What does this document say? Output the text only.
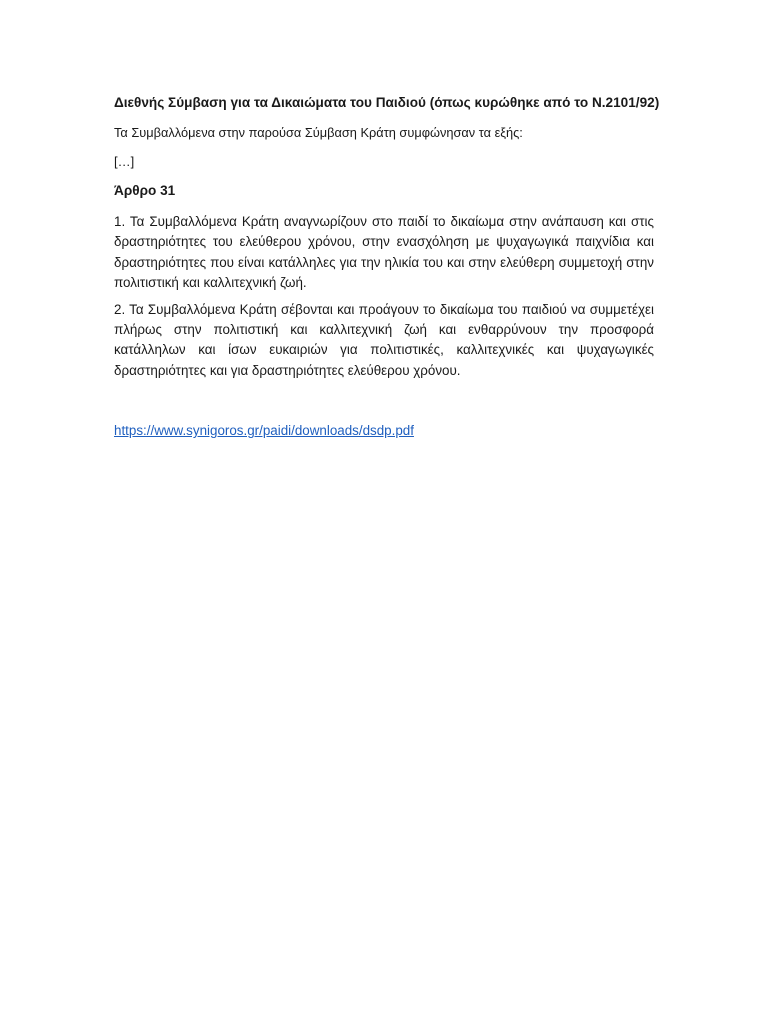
Διεθνής Σύμβαση για τα Δικαιώματα του Παιδιού (όπως κυρώθηκε από το Ν.2101/92)
Τα Συμβαλλόμενα στην παρούσα Σύμβαση Κράτη συμφώνησαν τα εξής:
[…]
Άρθρο 31

1. Τα Συμβαλλόμενα Κράτη αναγνωρίζουν στο παιδί το δικαίωμα στην ανάπαυση και στις δραστηριότητες του ελεύθερου χρόνου, στην ενασχόληση με ψυχαγωγικά παιχνίδια και δραστηριότητες που είναι κατάλληλες για την ηλικία του και στην ελεύθερη συμμετοχή στην πολιτιστική και καλλιτεχνική ζωή.

2. Τα Συμβαλλόμενα Κράτη σέβονται και προάγουν το δικαίωμα του παιδιού να συμμετέχει πλήρως στην πολιτιστική και καλλιτεχνική ζωή και ενθαρρύνουν την προσφορά κατάλληλων και ίσων ευκαιριών για πολιτιστικές, καλλιτεχνικές και ψυχαγωγικές δραστηριότητες και για δραστηριότητες ελεύθερου χρόνου.

https://www.synigoros.gr/paidi/downloads/dsdp.pdf
